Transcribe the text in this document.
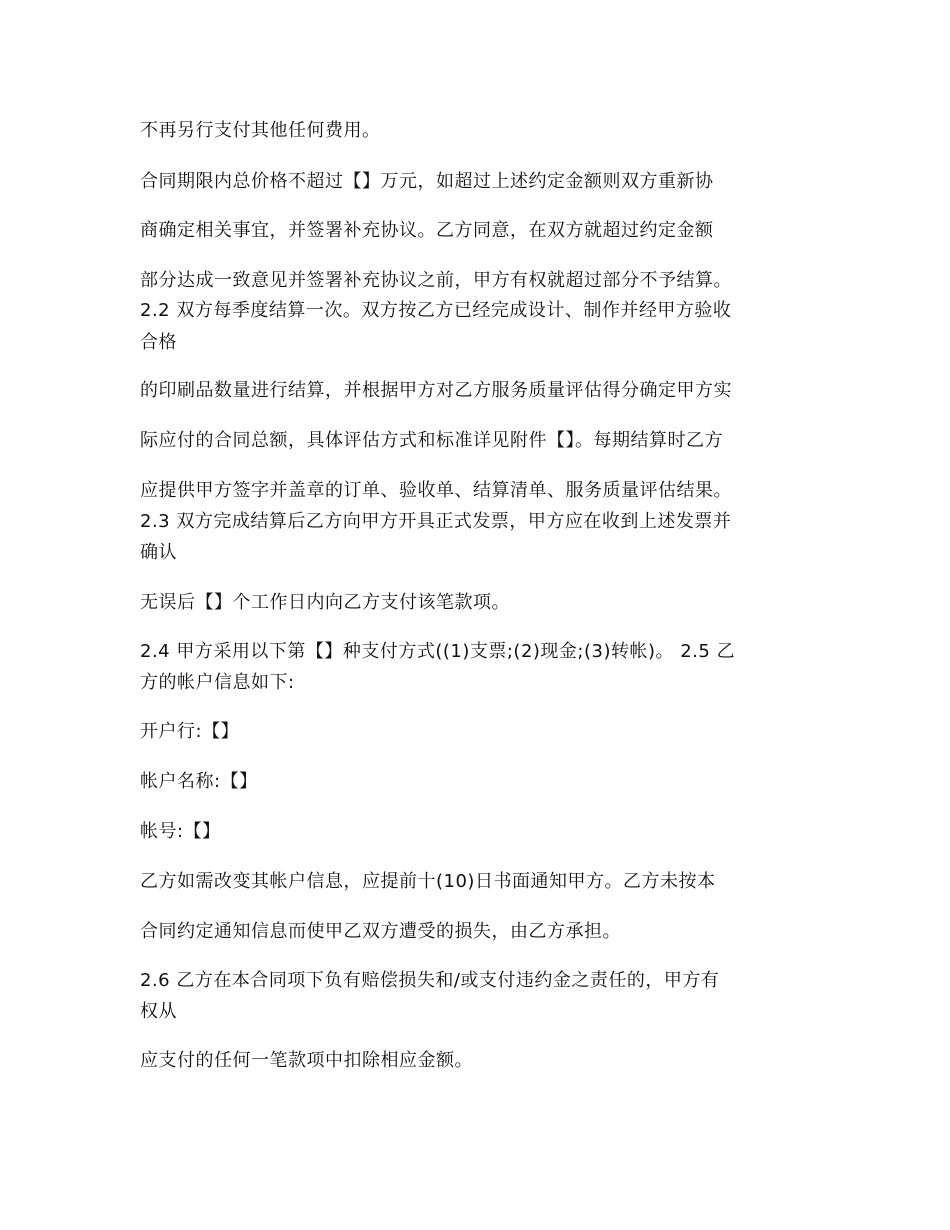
不再另行支付其他任何费用。
合同期限内总价格不超过【】万元，如超过上述约定金额则双方重新协
商确定相关事宜，并签署补充协议。乙方同意，在双方就超过约定金额
部分达成一致意见并签署补充协议之前，甲方有权就超过部分不予结算。
2.2 双方每季度结算一次。双方按乙方已经完成设计、制作并经甲方验收
合格
的印刷品数量进行结算，并根据甲方对乙方服务质量评估得分确定甲方实
际应付的合同总额，具体评估方式和标准详见附件【】。每期结算时乙方
应提供甲方签字并盖章的订单、验收单、结算清单、服务质量评估结果。
2.3 双方完成结算后乙方向甲方开具正式发票，甲方应在收到上述发票并
确认
无误后【】个工作日内向乙方支付该笔款项。
2.4 甲方采用以下第【】种支付方式((1)支票;(2)现金;(3)转帐)。 2.5 乙
方的帐户信息如下:
开户行:【】
帐户名称:【】
帐号:【】
乙方如需改变其帐户信息，应提前十(10)日书面通知甲方。乙方未按本
合同约定通知信息而使甲乙双方遭受的损失，由乙方承担。
2.6 乙方在本合同项下负有赔偿损失和/或支付违约金之责任的，甲方有
权从
应支付的任何一笔款项中扣除相应金额。
